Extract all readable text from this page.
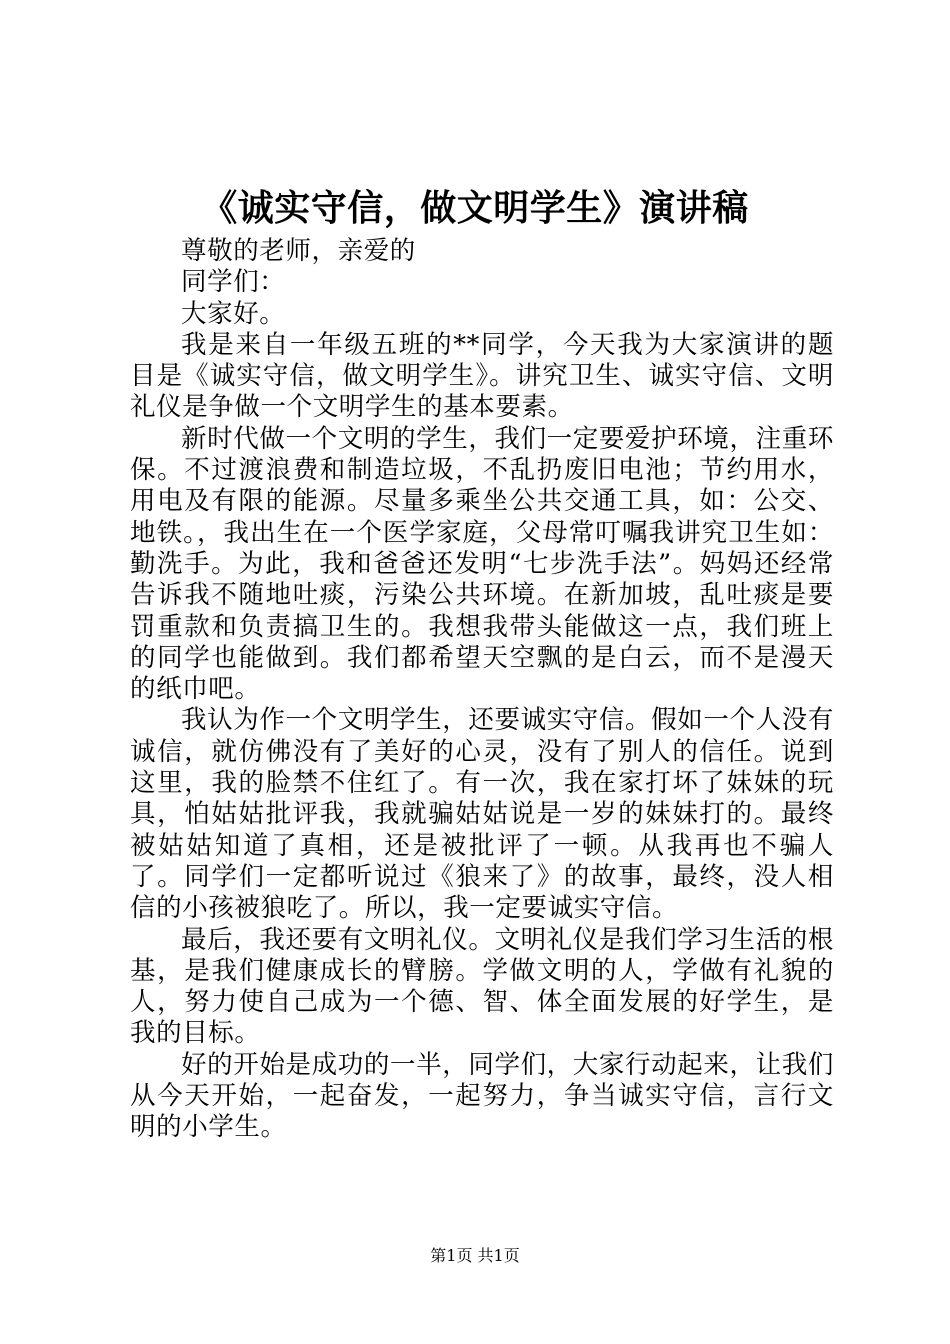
《诚实守信，做文明学生》演讲稿

尊敬的老师，亲爱的

同学们：

大家好。

我是来自一年级五班的**同学，今天我为大家演讲的题目是《诚实守信，做文明学生》。讲究卫生、诚实守信、文明礼仪是争做一个文明学生的基本要素。

新时代做一个文明的学生，我们一定要爱护环境，注重环保。不过渡浪费和制造垃圾，不乱扔废旧电池；节约用水，用电及有限的能源。尽量多乘坐公共交通工具，如：公交、地铁。，我出生在一个医学家庭，父母常叮嘱我讲究卫生如：勤洗手。为此，我和爸爸还发明“七步洗手法”。妈妈还经常告诉我不随地吐痰，污染公共环境。在新加坡，乱吐痰是要罚重款和负责搞卫生的。我想我带头能做这一点，我们班上的同学也能做到。我们都希望天空飘的是白云，而不是漫天的纸巾吧。

我认为作一个文明学生，还要诚实守信。假如一个人没有诚信，就仿佛没有了美好的心灵，没有了别人的信任。说到这里，我的脸禁不住红了。有一次，我在家打坏了妹妹的玩具，怕姑姑批评我，我就骗姑姑说是一岁的妹妹打的。最终被姑姑知道了真相，还是被批评了一顿。从我再也不骗人了。同学们一定都听说过《狼来了》的故事，最终，没人相信的小孩被狼吃了。所以，我一定要诚实守信。

最后，我还要有文明礼仪。文明礼仪是我们学习生活的根基，是我们健康成长的臂膀。学做文明的人，学做有礼貌的人，努力使自己成为一个德、智、体全面发展的好学生，是我的目标。

好的开始是成功的一半，同学们，大家行动起来，让我们从今天开始，一起奋发，一起努力，争当诚实守信，言行文明的小学生。

第1页 共1页
